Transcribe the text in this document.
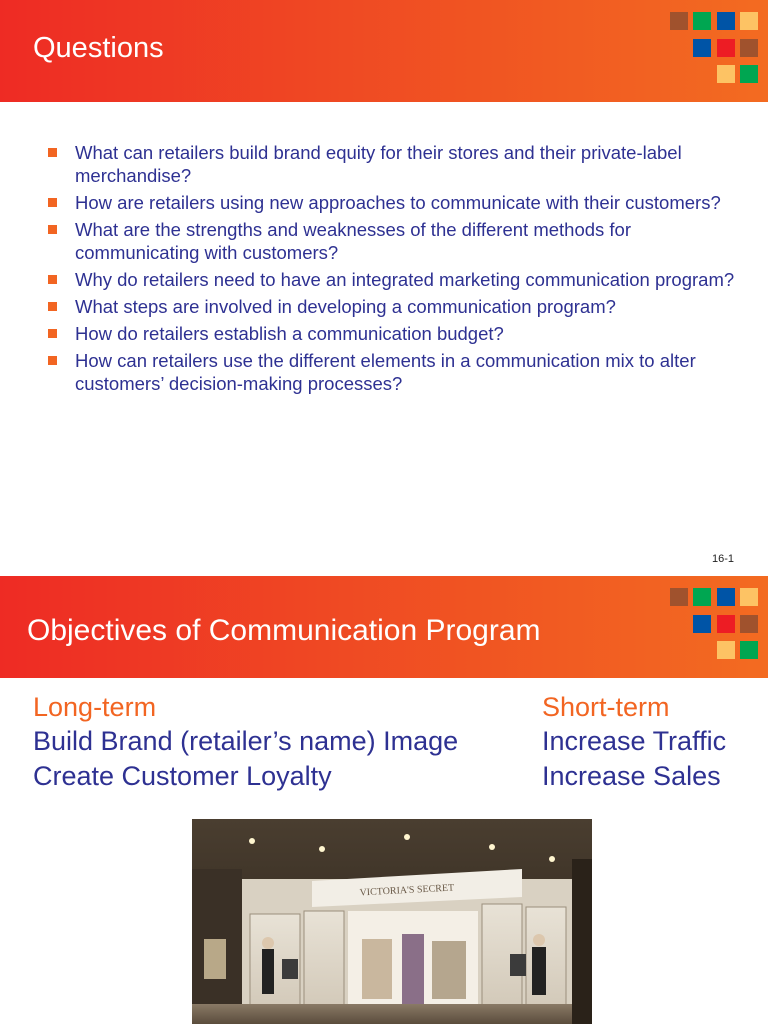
Questions
What can retailers build brand equity for their stores and their private-label merchandise?
How are retailers using new approaches to communicate with their customers?
What are the strengths and weaknesses of the different methods for communicating with customers?
Why do retailers need to have an integrated marketing communication program?
What steps are involved in developing a communication program?
How do retailers establish a communication budget?
How can retailers use the different elements in a communication mix to alter customers’ decision-making processes?
16-1
Objectives of Communication Program
Long-term
Build Brand (retailer’s name) Image
Create Customer Loyalty
Short-term
Increase Traffic
Increase Sales
VICTORIA'S SECRET
